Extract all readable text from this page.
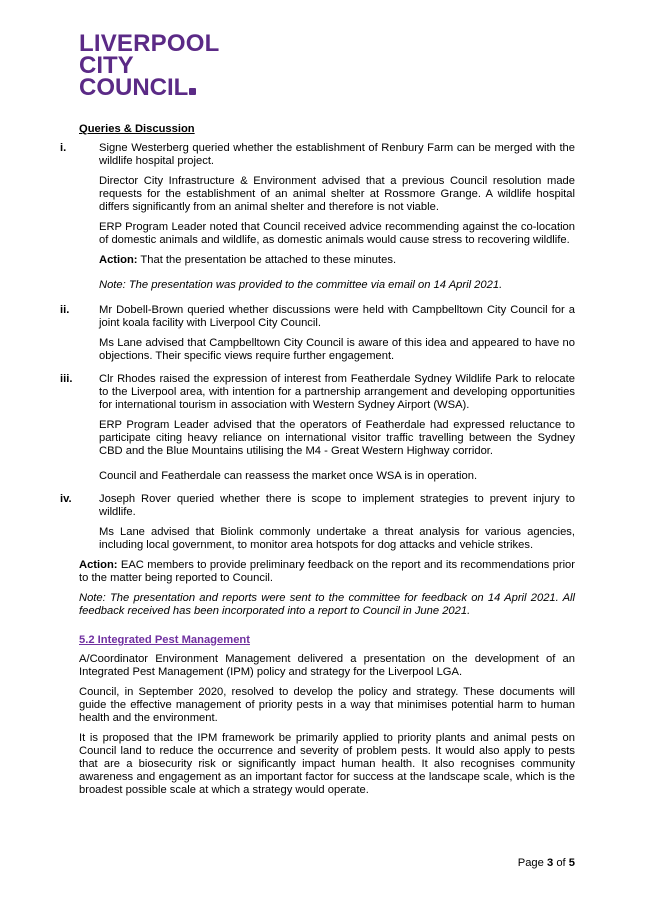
LIVERPOOL
CITY
COUNCIL
Queries & Discussion
i.	Signe Westerberg queried whether the establishment of Renbury Farm can be merged with the wildlife hospital project.

Director City Infrastructure & Environment advised that a previous Council resolution made requests for the establishment of an animal shelter at Rossmore Grange. A wildlife hospital differs significantly from an animal shelter and therefore is not viable.

ERP Program Leader noted that Council received advice recommending against the co-location of domestic animals and wildlife, as domestic animals would cause stress to recovering wildlife.

Action: That the presentation be attached to these minutes.

Note: The presentation was provided to the committee via email on 14 April 2021.

ii.	Mr Dobell-Brown queried whether discussions were held with Campbelltown City Council for a joint koala facility with Liverpool City Council.

Ms Lane advised that Campbelltown City Council is aware of this idea and appeared to have no objections. Their specific views require further engagement.

iii.	Clr Rhodes raised the expression of interest from Featherdale Sydney Wildlife Park to relocate to the Liverpool area, with intention for a partnership arrangement and developing opportunities for international tourism in association with Western Sydney Airport (WSA).

ERP Program Leader advised that the operators of Featherdale had expressed reluctance to participate citing heavy reliance on international visitor traffic travelling between the Sydney CBD and the Blue Mountains utilising the M4 - Great Western Highway corridor.

Council and Featherdale can reassess the market once WSA is in operation.

iv.	Joseph Rover queried whether there is scope to implement strategies to prevent injury to wildlife.

Ms Lane advised that Biolink commonly undertake a threat analysis for various agencies, including local government, to monitor area hotspots for dog attacks and vehicle strikes.

Action: EAC members to provide preliminary feedback on the report and its recommendations prior to the matter being reported to Council.

Note: The presentation and reports were sent to the committee for feedback on 14 April 2021. All feedback received has been incorporated into a report to Council in June 2021.

5.2 Integrated Pest Management

A/Coordinator Environment Management delivered a presentation on the development of an Integrated Pest Management (IPM) policy and strategy for the Liverpool LGA.

Council, in September 2020, resolved to develop the policy and strategy. These documents will guide the effective management of priority pests in a way that minimises potential harm to human health and the environment.

It is proposed that the IPM framework be primarily applied to priority plants and animal pests on Council land to reduce the occurrence and severity of problem pests. It would also apply to pests that are a biosecurity risk or significantly impact human health. It also recognises community awareness and engagement as an important factor for success at the landscape scale, which is the broadest possible scale at which a strategy would operate.

Page 3 of 5
